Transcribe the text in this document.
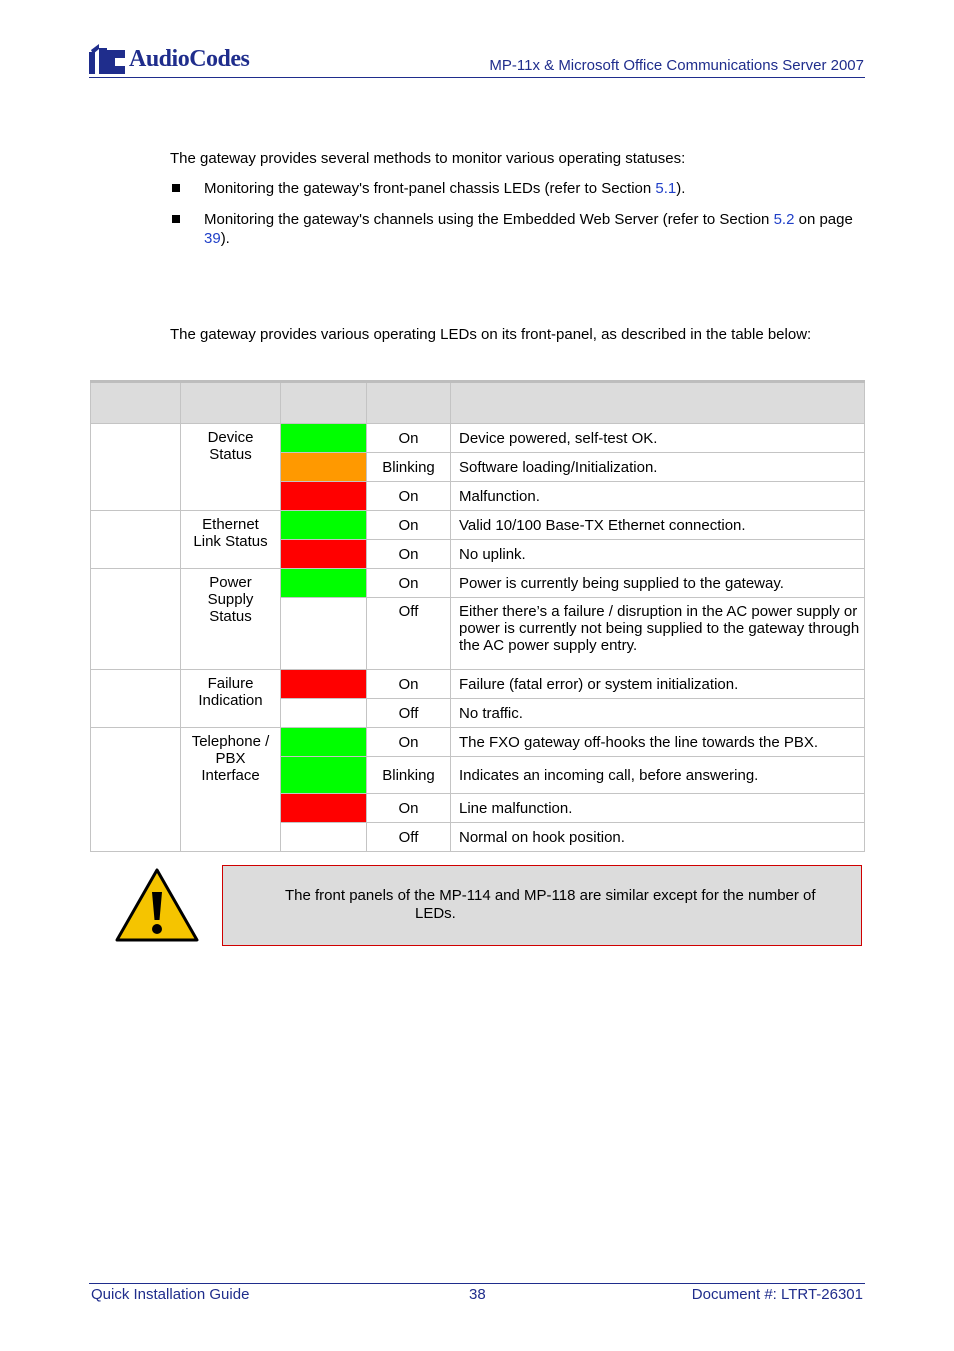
AudioCodes	MP-11x & Microsoft Office Communications Server 2007
The gateway provides several methods to monitor various operating statuses:
Monitoring the gateway's front-panel chassis LEDs (refer to Section 5.1).
Monitoring the gateway's channels using the Embedded Web Server (refer to Section 5.2 on page 39).
The gateway provides various operating LEDs on its front-panel, as described in the table below:

	Device
Status		On	Device powered, self-test OK.
			Blinking	Software loading/Initialization.
			On	Malfunction.
	Ethernet
Link Status		On	Valid 10/100 Base-TX Ethernet connection.
			On	No uplink.
	Power
Supply
Status		On	Power is currently being supplied to the gateway.
			Off	Either there’s a failure / disruption in the AC power supply or power is currently not being supplied to the gateway through the AC power supply entry.
	Failure
Indication		On	Failure (fatal error) or system initialization.
			Off	No traffic.
	Telephone /
PBX
Interface		On	The FXO gateway off-hooks the line towards the PBX.
			Blinking	Indicates an incoming call, before answering.
			On	Line malfunction.
			Off	Normal on hook position.
The front panels of the MP-114 and MP-118 are similar except for the number of
LEDs.
Quick Installation Guide	38	Document #: LTRT-26301
